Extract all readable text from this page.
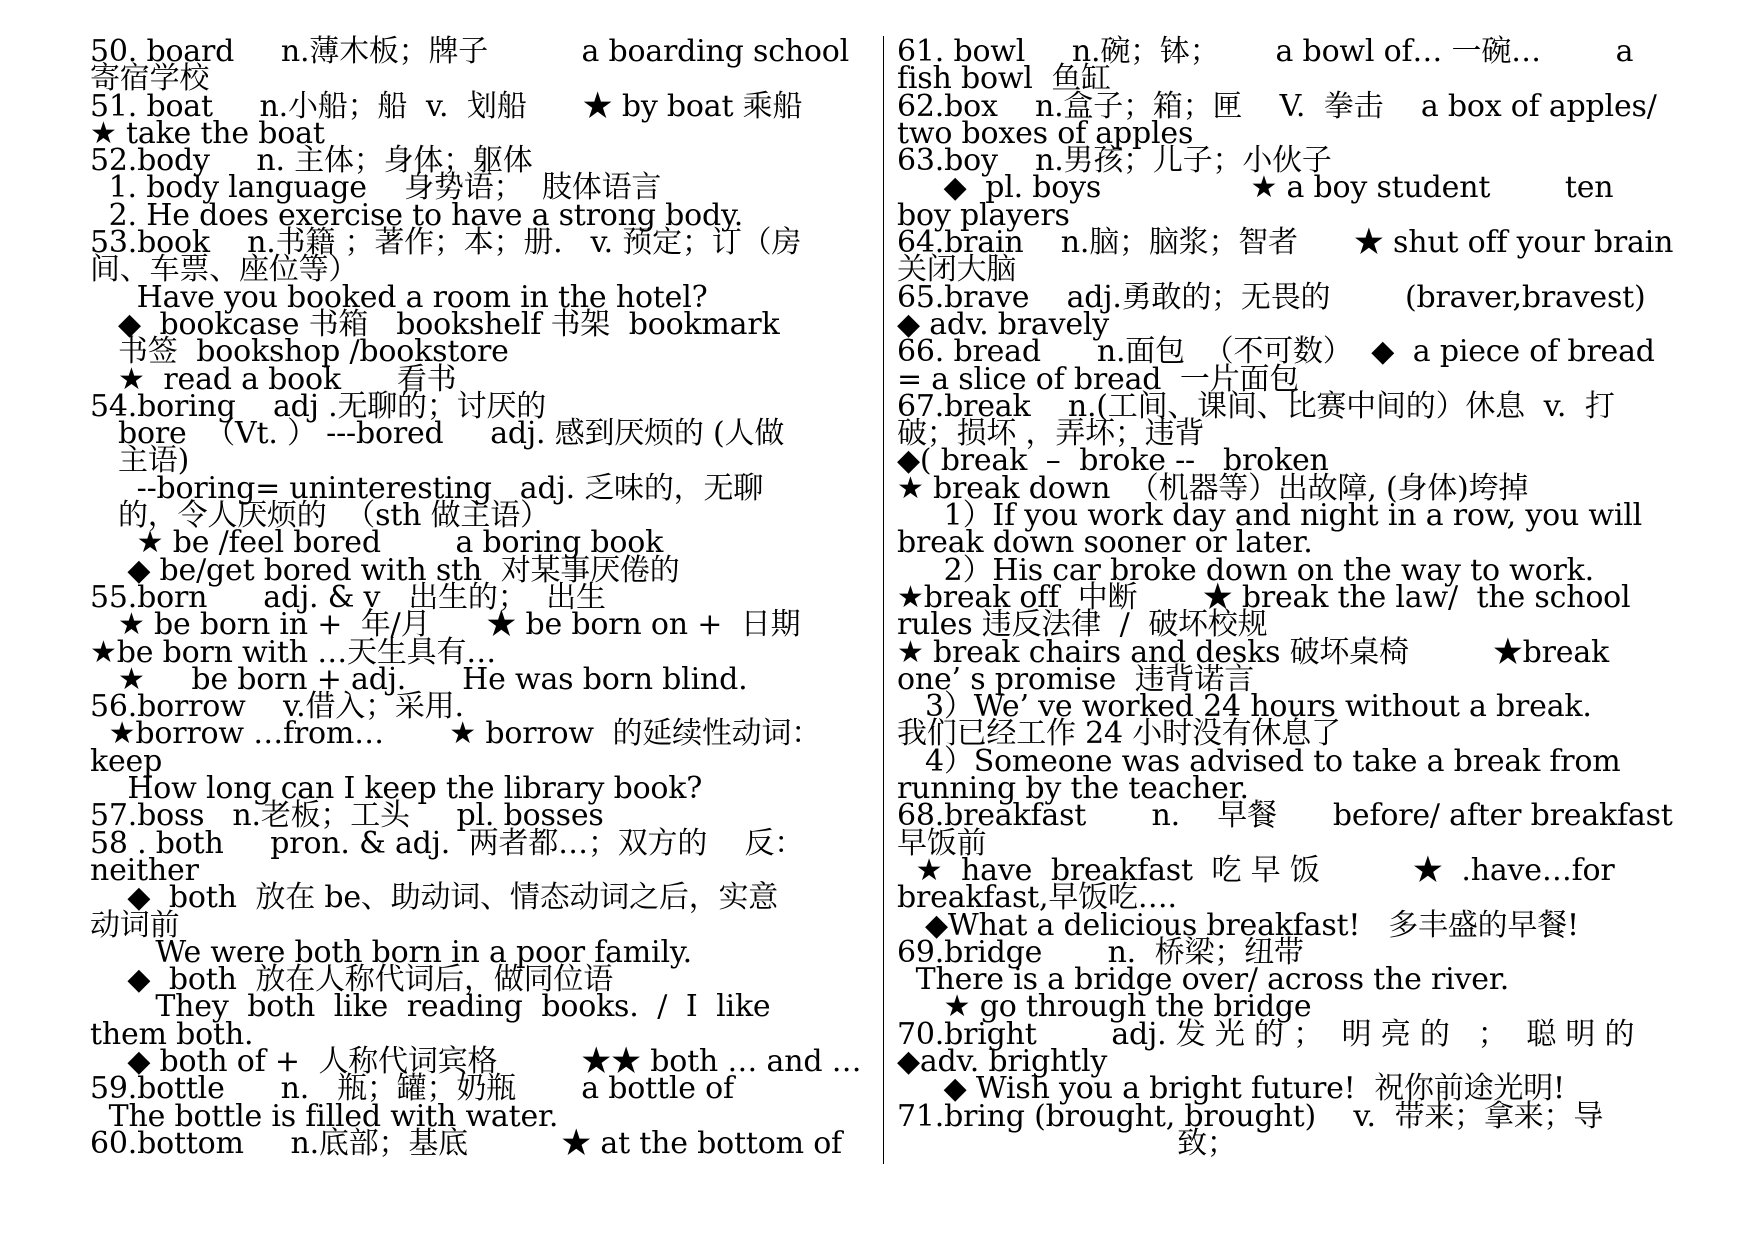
50. board     n.薄木板；牌子          a boarding school
寄宿学校
51. boat     n.小船；船  v.  划船      ★ by boat 乘船
★ take the boat
52.body     n. 主体；身体；躯体
1. body language    身势语；  肢体语言
2. He does exercise to have a strong body.
53.book    n.书籍 ；著作；本；册.   v. 预定；订（房
间、车票、座位等）
Have you booked a room in the hotel?
◆  bookcase 书箱   bookshelf 书架  bookmark
书签  bookshop /bookstore
★  read a book      看书
54.boring    adj .无聊的；讨厌的
bore  （Vt. ） ---bored     adj. 感到厌烦的 (人做
主语)
--boring= uninteresting   adj. 乏味的，无聊
的，令人厌烦的  （sth 做主语）
★ be /feel bored        a boring book
◆ be/get bored with sth  对某事厌倦的
55.born      adj. & v   出生的；  出生
★ be born in +  年/月      ★ be born on +  日期
★be born with …天生具有…
★     be born + adj.      He was born blind.
56.borrow    v.借入；采用.
★borrow …from…       ★ borrow  的延续性动词：
keep
How long can I keep the library book?
57.boss   n.老板；工头     pl. bosses
58 . both     pron. & adj.  两者都…；双方的    反：
neither
◆  both  放在 be、助动词、情态动词之后，实意
动词前
We were both born in a poor family.
◆  both  放在人称代词后，做同位语
They  both  like  reading  books.  /  I  like
them both.
◆ both of +  人称代词宾格         ★★ both … and …
59.bottle      n.   瓶；罐；奶瓶       a bottle of
The bottle is filled with water.
60.bottom     n.底部；基底          ★ at the bottom of
61. bowl     n.碗；钵；      a bowl of… 一碗…        a
fish bowl  鱼缸
62.box    n.盒子；箱；匣    V.  拳击    a box of apples/
two boxes of apples
63.boy    n.男孩；儿子；小伙子
◆  pl. boys                ★ a boy student        ten
boy players
64.brain    n.脑；脑浆；智者      ★ shut off your brain
关闭大脑
65.brave    adj.勇敢的；无畏的        (braver,bravest)
◆ adv. bravely
66. bread      n.面包  （不可数）  ◆  a piece of bread
= a slice of bread  一片面包
67.break    n.(工间、课间、比赛中间的）休息  v.  打
破；损坏 ，弄坏；违背
◆( break  –  broke --   broken
★ break down  （机器等）出故障, (身体)垮掉
1）If you work day and night in a row, you will
break down sooner or later.
2）His car broke down on the way to work.
★break off  中断       ★ break the law/  the school
rules 违反法律  /  破坏校规
★ break chairs and desks 破坏桌椅         ★break
one’ s promise  违背诺言
3）We’ ve worked 24 hours without a break.
我们已经工作 24 小时没有休息了
4）Someone was advised to take a break from
running by the teacher.
68.breakfast       n.    早餐      before/ after breakfast
早饭前
★  have  breakfast  吃 早 饭          ★  .have…for
breakfast,早饭吃….
◆What a delicious breakfast!   多丰盛的早餐!
69.bridge       n.  桥梁；纽带
There is a bridge over/ across the river.
★ go through the bridge
70.bright        adj. 发 光 的 ；  明 亮 的   ；  聪 明 的
◆adv. brightly
◆ Wish you a bright future!  祝你前途光明!
71.bring (brought, brought)    v.  带来；拿来；导
致；
